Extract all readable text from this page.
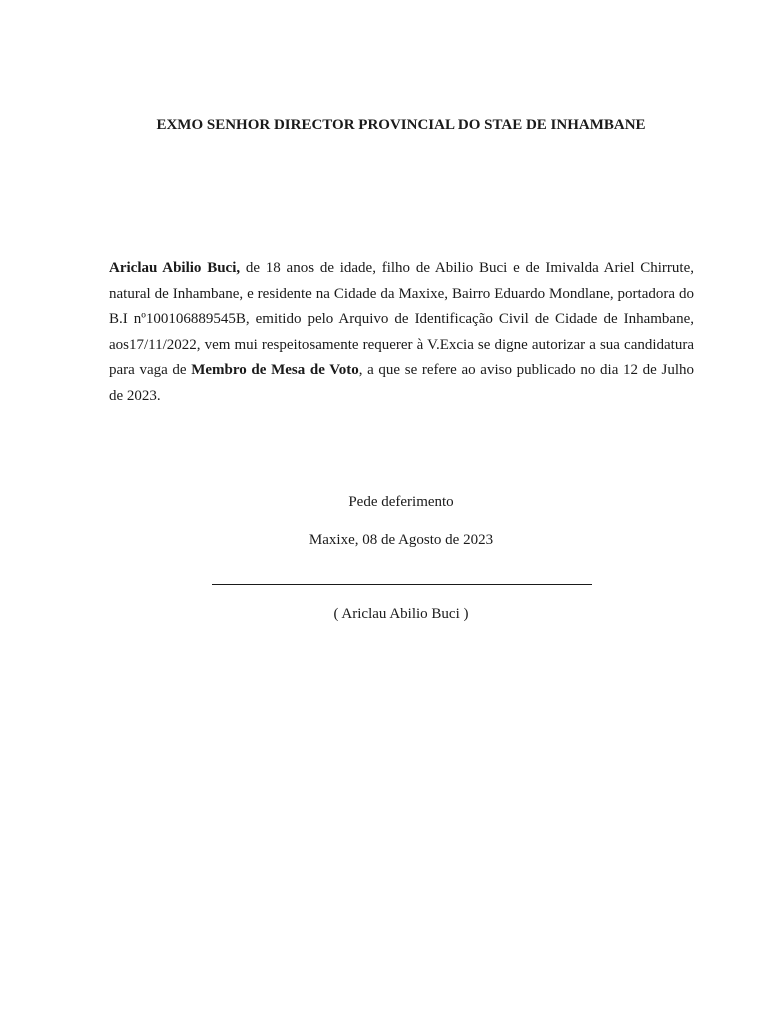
EXMO SENHOR DIRECTOR PROVINCIAL DO STAE DE INHAMBANE

Ariclau Abilio Buci, de 18 anos de idade, filho de Abilio Buci e de Imivalda Ariel Chirrute, natural de Inhambane, e residente na Cidade da Maxixe, Bairro Eduardo Mondlane, portadora do B.I nº100106889545B, emitido pelo Arquivo de Identificação Civil de Cidade de Inhambane, aos17/11/2022, vem mui respeitosamente requerer à V.Excia se digne autorizar a sua candidatura para vaga de Membro de Mesa de Voto, a que se refere ao aviso publicado no dia 12 de Julho de 2023.

Pede deferimento

Maxixe, 08 de Agosto de 2023

( Ariclau Abilio Buci )
